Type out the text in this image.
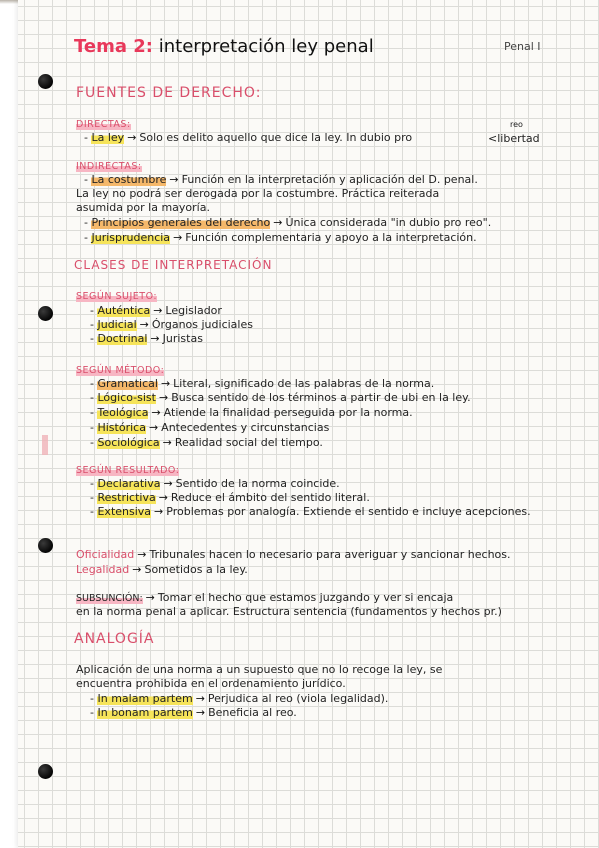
Tema 2: interpretación ley penal	Penal I
FUENTES DE DERECHO:
DIRECTAS:
- La ley → Solo es delito aquello que dice la ley. In dubio pro
reo
<libertad
INDIRECTAS:
- La costumbre → Función en la interpretación y aplicación del D. penal.
La ley no podrá ser derogada por la costumbre. Práctica reiterada
asumida por la mayoría.
- Principios generales del derecho → Única considerada "in dubio pro reo".
- Jurisprudencia → Función complementaria y apoyo a la interpretación.
CLASES DE INTERPRETACIÓN
SEGÚN SUJETO:
- Auténtica → Legislador
- Judicial → Órganos judiciales
- Doctrinal → Juristas
SEGÚN MÉTODO:
- Gramatical → Literal, significado de las palabras de la norma.
- Lógico-sist → Busca sentido de los términos a partir de ubi en la ley.
- Teológica → Atiende la finalidad perseguida por la norma.
- Histórica → Antecedentes y circunstancias
- Sociológica → Realidad social del tiempo.
SEGÚN RESULTADO:
- Declarativa → Sentido de la norma coincide.
- Restrictiva → Reduce el ámbito del sentido literal.
- Extensiva → Problemas por analogía. Extiende el sentido e incluye acepciones.
Oficialidad → Tribunales hacen lo necesario para averiguar y sancionar hechos.
Legalidad → Sometidos a la ley.
SUBSUNCIÓN: → Tomar el hecho que estamos juzgando y ver si encaja
en la norma penal a aplicar. Estructura sentencia (fundamentos y hechos pr.)
ANALOGÍA
Aplicación de una norma a un supuesto que no lo recoge la ley, se
encuentra prohibida en el ordenamiento jurídico.
- In malam partem → Perjudica al reo (viola legalidad).
- In bonam partem → Beneficia al reo.
